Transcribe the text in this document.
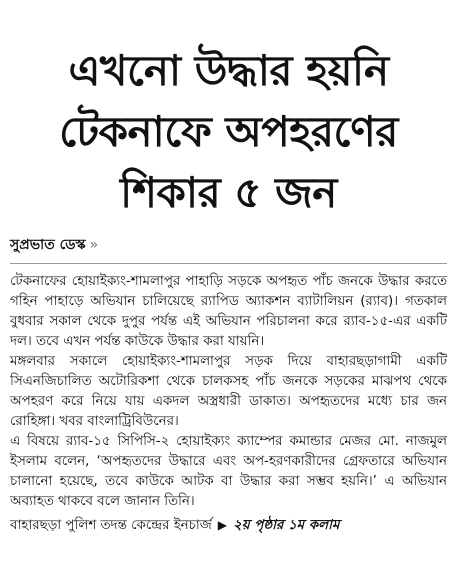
এখনো উদ্ধার হয়নি
টেকনাফে অপহরণের
শিকার ৫ জন
সুপ্রভাত ডেস্ক »

টেকনাফের হোয়াইক্যং-শামলাপুর পাহাড়ি সড়কে অপহৃত পাঁচ জনকে উদ্ধার করতে গহিন পাহাড়ে অভিযান চালিয়েছে র‍্যাপিড অ্যাকশন ব্যাটালিয়ন (র‍্যাব)। গতকাল বুধবার সকাল থেকে দুপুর পর্যন্ত এই অভিযান পরিচালনা করে র‍্যাব-১৫-এর একটি দল। তবে এখন পর্যন্ত কাউকে উদ্ধার করা যায়নি।

মঙ্গলবার সকালে হোয়াইক্যং-শামলাপুর সড়ক দিয়ে বাহারছড়াগামী একটি সিএনজিচালিত অটোরিকশা থেকে চালকসহ পাঁচ জনকে সড়কের মাঝপথ থেকে অপহরণ করে নিয়ে যায় একদল অস্ত্রধারী ডাকাত। অপহৃতদের মধ্যে চার জন রোহিঙ্গা। খবর বাংলাট্রিবিউনের।

এ বিষয়ে র‍্যাব-১৫ সিপিসি-২ হোয়াইক্যং ক্যাম্পের কমান্ডার মেজর মো. নাজমুল ইসলাম বলেন, ‘অপহৃতদের উদ্ধারে এবং অপ-হরণকারীদের গ্রেফতারে অভিযান চালানো হয়েছে, তবে কাউকে আটক বা উদ্ধার করা সম্ভব হয়নি।’ এ অভিযান অব্যাহত থাকবে বলে জানান তিনি।

বাহারছড়া পুলিশ তদন্ত কেন্দ্রের ইনচার্জ ▶ ২য় পৃষ্ঠার ১ম কলাম
